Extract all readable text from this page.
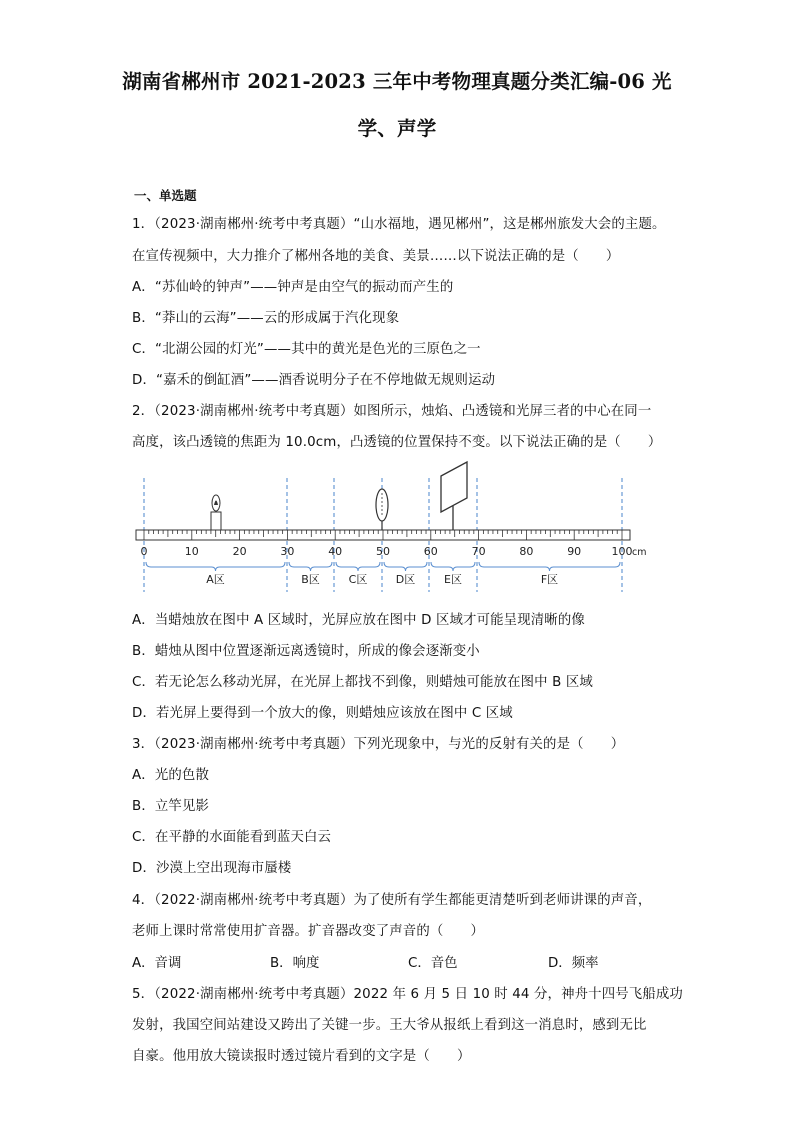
湖南省郴州市 2021-2023 三年中考物理真题分类汇编-06 光
学、声学
一、单选题
1．（2023·湖南郴州·统考中考真题）“山水福地，遇见郴州”，这是郴州旅发大会的主题。
在宣传视频中，大力推介了郴州各地的美食、美景……以下说法正确的是（　　）
A．“苏仙岭的钟声”——钟声是由空气的振动而产生的
B．“莽山的云海”——云的形成属于汽化现象
C．“北湖公园的灯光”——其中的黄光是色光的三原色之一
D．“嘉禾的倒缸酒”——酒香说明分子在不停地做无规则运动
2．（2023·湖南郴州·统考中考真题）如图所示，烛焰、凸透镜和光屏三者的中心在同一
高度，该凸透镜的焦距为 10.0cm，凸透镜的位置保持不变。以下说法正确的是（　　）
0	10	20	30	40	50	60	70	80	90	100 cm
A区	B区	C区	D区	E区	F区
A．当蜡烛放在图中 A 区域时，光屏应放在图中 D 区域才可能呈现清晰的像
B．蜡烛从图中位置逐渐远离透镜时，所成的像会逐渐变小
C．若无论怎么移动光屏，在光屏上都找不到像，则蜡烛可能放在图中 B 区域
D．若光屏上要得到一个放大的像，则蜡烛应该放在图中 C 区域
3．（2023·湖南郴州·统考中考真题）下列光现象中，与光的反射有关的是（　　）
A．光的色散
B．立竿见影
C．在平静的水面能看到蓝天白云
D．沙漠上空出现海市蜃楼
4．（2022·湖南郴州·统考中考真题）为了使所有学生都能更清楚听到老师讲课的声音，
老师上课时常常使用扩音器。扩音器改变了声音的（　　）
A．音调	B．响度	C．音色	D．频率
5．（2022·湖南郴州·统考中考真题）2022 年 6 月 5 日 10 时 44 分，神舟十四号飞船成功
发射，我国空间站建设又跨出了关键一步。王大爷从报纸上看到这一消息时，感到无比
自豪。他用放大镜读报时透过镜片看到的文字是（　　）
